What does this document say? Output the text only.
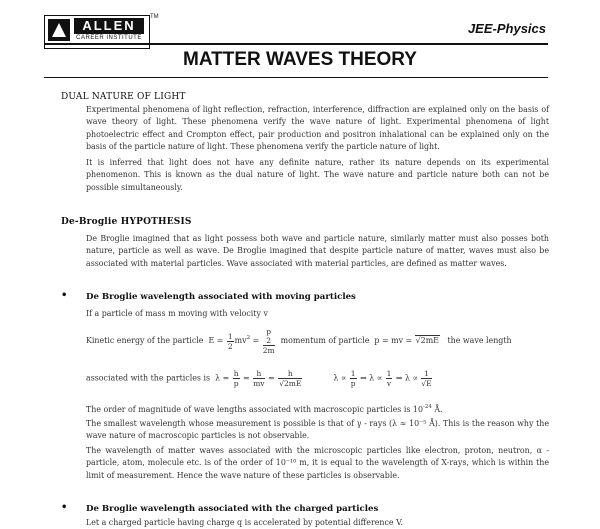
ALLEN
CAREER INSTITUTE
TM
JEE-Physics
MATTER WAVES THEORY
DUAL NATURE OF LIGHT

Experimental phenomena of light reflection, refraction, interference, diffraction are explained only on the basis of wave theory of light. These phenomena verify the wave nature of light. Experimental phenomena of light photoelectric effect and Crompton effect, pair production and positron inhalational can be explained only on the basis of the particle nature of light. These phenomena verify the particle nature of light.

It is inferred that light does not have any definite nature, rather its nature depends on its experimental phenomenon. This is known as the dual nature of light. The wave nature and particle nature both can not be possible simultaneously.

De-Broglie HYPOTHESIS

De Broglie imagined that as light possess both wave and particle nature, similarly matter must also posses both nature, particle as well as wave. De Broglie imagined that despite particle nature of matter, waves must also be associated with material particles. Wave associated with material particles, are defined as matter waves.

• De Broglie wavelength associated with moving particles
If a particle of mass m moving with velocity v
Kinetic energy of the particle  $E = \frac{1}{2} mv^2 = p$
2
2m momentum of particle  p = mv = √2mE the wave length
associated with the particles is  $\lambda = \frac{h}{p} = \frac{h}{mv} = \frac{h}{√2mE}$ $\lambda \propto \frac{1}{p}$ ⇒ $\lambda \propto \frac{1}{v}$ ⇒ $\lambda \propto \frac{1}{√E}$
The order of magnitude of wave lengths associated with macroscopic particles is $10^{-24}$ Å.

The smallest wavelength whose measurement is possible is that of γ - rays (λ ≈ 10⁻⁵ Å). This is the reason why the wave nature of macroscopic particles is not observable.

The wavelength of matter waves associated with the microscopic particles like electron, proton, neutron, α - particle, atom, molecule etc. is of the order of 10⁻¹⁰ m, it is equal to the wavelength of X-rays, which is within the limit of measurement. Hence the wave nature of these particles is observable.

• De Broglie wavelength associated with the charged particles
Let a charged particle having charge q is accelerated by potential difference V.
